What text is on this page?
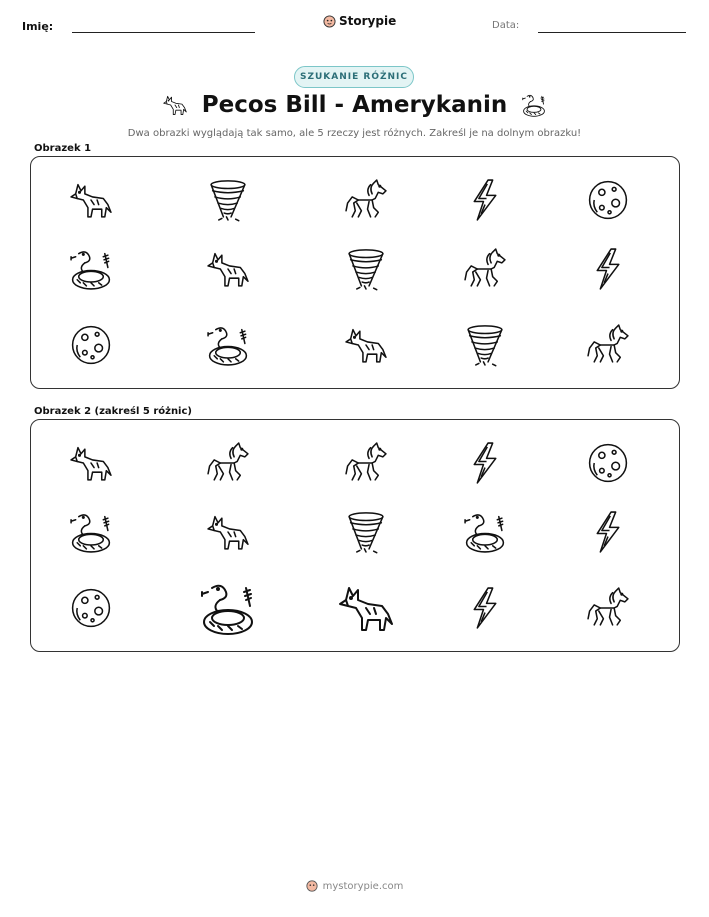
Imię:	Storypie	Data:
SZUKANIE RÓŻNIC
Pecos Bill - Amerykanin
Dwa obrazki wyglądają tak samo, ale 5 rzeczy jest różnych. Zakreśl je na dolnym obrazku!
Obrazek 1
Obrazek 2 (zakreśl 5 różnic)
mystorypie.com
